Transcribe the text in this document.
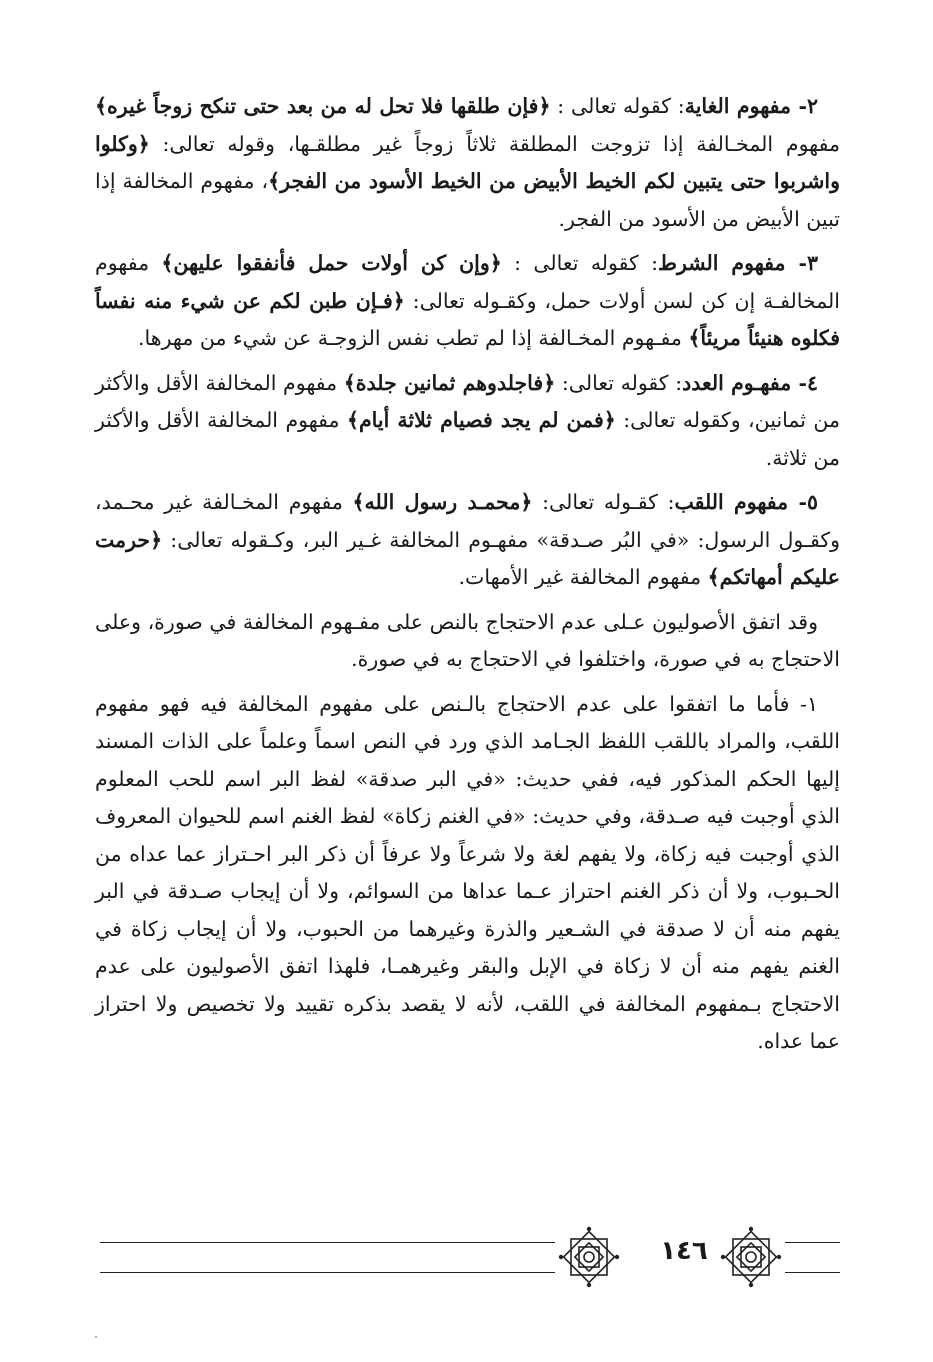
٢- مفهوم الغاية: كقوله تعالى : ﴿فإن طلقها فلا تحل له من بعد حتى تنكح زوجاً غيره﴾ مفهوم المخـالفة إذا تزوجت المطلقة ثلاثاً زوجاً غير مطلقـها، وقوله تعالى: ﴿وكلوا واشربوا حتى يتبين لكم الخيط الأبيض من الخيط الأسود من الفجر﴾، مفهوم المخالفة إذا تبين الأبيض من الأسود من الفجر.

٣- مفهوم الشرط: كقوله تعالى : ﴿وإن كن أولات حمل فأنفقوا عليهن﴾ مفهوم المخالفـة إن كن لسن أولات حمل، وكقـوله تعالى: ﴿فـإن طبن لكم عن شيء منه نفساً فكلوه هنيئاً مريئاً﴾ مفـهوم المخـالفة إذا لم تطب نفس الزوجـة عن شيء من مهرها.

٤- مفهـوم العدد: كقوله تعالى: ﴿فاجلدوهم ثمانين جلدة﴾ مفهوم المخالفة الأقل والأكثر من ثمانين، وكقوله تعالى: ﴿فمن لم يجد فصيام ثلاثة أيام﴾ مفهوم المخالفة الأقل والأكثر من ثلاثة.

٥- مفهوم اللقب: كقـوله تعالى: ﴿محمـد رسول الله﴾ مفهوم المخـالفة غير محـمد، وكقـول الرسول: «في البُر صـدقة» مفهـوم المخالفة غـير البر، وكـقوله تعالى: ﴿حرمت عليكم أمهاتكم﴾ مفهوم المخالفة غير الأمهات.

وقد اتفق الأصوليون عـلى عدم الاحتجاج بالنص على مفـهوم المخالفة في صورة، وعلى الاحتجاج به في صورة، واختلفوا في الاحتجاج به في صورة.

١- فأما ما اتفقوا على عدم الاحتجاج بالـنص على مفهوم المخالفة فيه فهو مفهوم اللقب، والمراد باللقب اللفظ الجـامد الذي ورد في النص اسماً وعلماً على الذات المسند إليها الحكم المذكور فيه، ففي حديث: «في البر صدقة» لفظ البر اسم للحب المعلوم الذي أوجبت فيه صـدقة، وفي حديث: «في الغنم زكاة» لفظ الغنم اسم للحيوان المعروف الذي أوجبت فيه زكاة، ولا يفهم لغة ولا شرعاً ولا عرفاً أن ذكر البر احـتراز عما عداه من الحـبوب، ولا أن ذكر الغنم احتراز عـما عداها من السوائم، ولا أن إيجاب صـدقة في البر يفهم منه أن لا صدقة في الشـعير والذرة وغيرهما من الحبوب، ولا أن إيجاب زكاة في الغنم يفهم منه أن لا زكاة في الإبل والبقر وغيرهمـا، فلهذا اتفق الأصوليون على عدم الاحتجاج بـمفهوم المخالفة في اللقب، لأنه لا يقصد بذكره تقييد ولا تخصيص ولا احتراز عما عداه.

١٤٦
